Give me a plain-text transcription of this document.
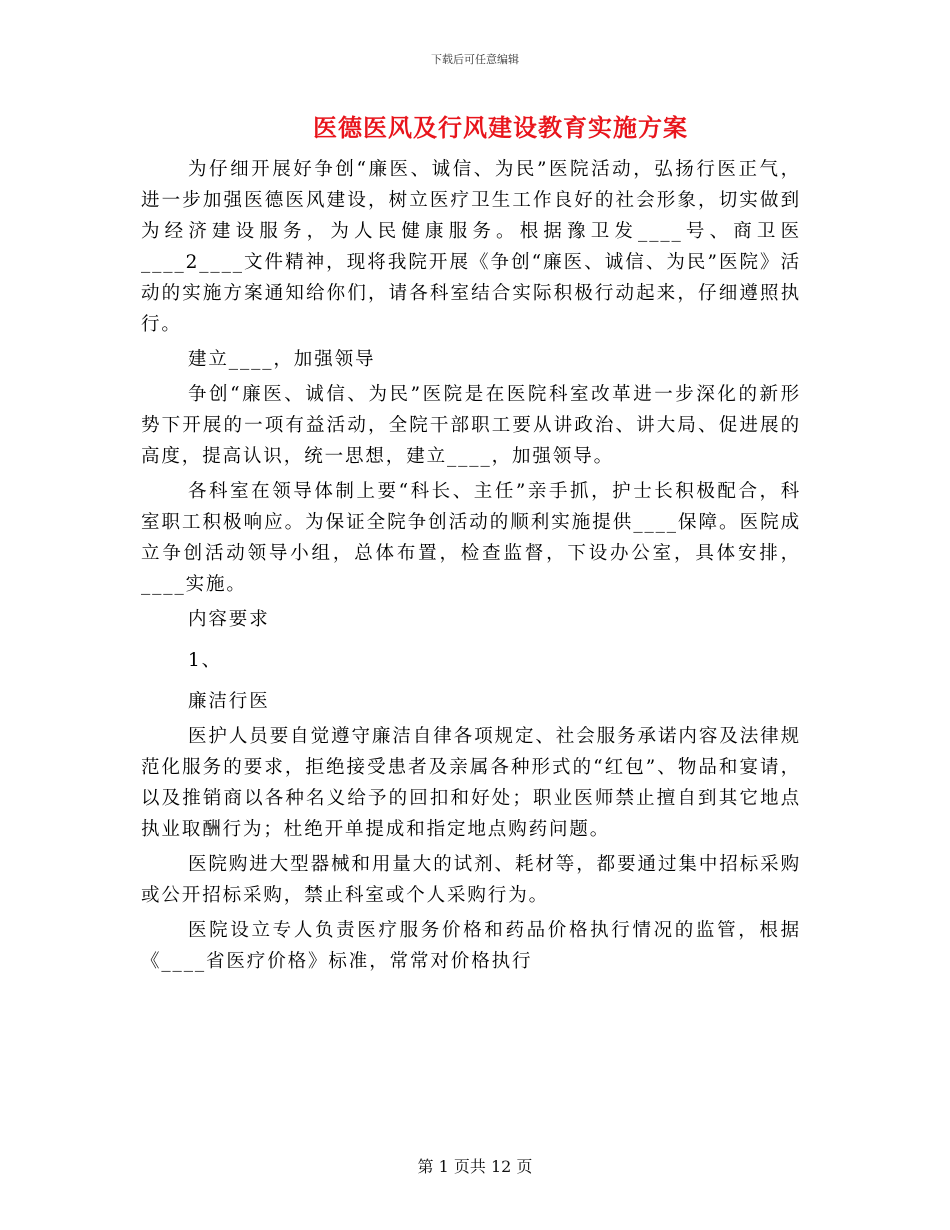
下载后可任意编辑
医德医风及行风建设教育实施方案

为仔细开展好争创“廉医、诚信、为民”医院活动，弘扬行医正气，进一步加强医德医风建设，树立医疗卫生工作良好的社会形象，切实做到为经济建设服务，为人民健康服务。根据豫卫发____号、商卫医____2____文件精神，现将我院开展《争创“廉医、诚信、为民”医院》活动的实施方案通知给你们，请各科室结合实际积极行动起来，仔细遵照执行。

建立____，加强领导

争创“廉医、诚信、为民”医院是在医院科室改革进一步深化的新形势下开展的一项有益活动，全院干部职工要从讲政治、讲大局、促进展的高度，提高认识，统一思想，建立____，加强领导。

各科室在领导体制上要“科长、主任”亲手抓，护士长积极配合，科室职工积极响应。为保证全院争创活动的顺利实施提供____保障。医院成立争创活动领导小组，总体布置，检查监督，下设办公室，具体安排，____实施。

内容要求

1、

廉洁行医

医护人员要自觉遵守廉洁自律各项规定、社会服务承诺内容及法律规范化服务的要求，拒绝接受患者及亲属各种形式的“红包”、物品和宴请，以及推销商以各种名义给予的回扣和好处；职业医师禁止擅自到其它地点执业取酬行为；杜绝开单提成和指定地点购药问题。

医院购进大型器械和用量大的试剂、耗材等，都要通过集中招标采购或公开招标采购，禁止科室或个人采购行为。

医院设立专人负责医疗服务价格和药品价格执行情况的监管，根据《____省医疗价格》标准，常常对价格执行

第 1 页共 12 页
